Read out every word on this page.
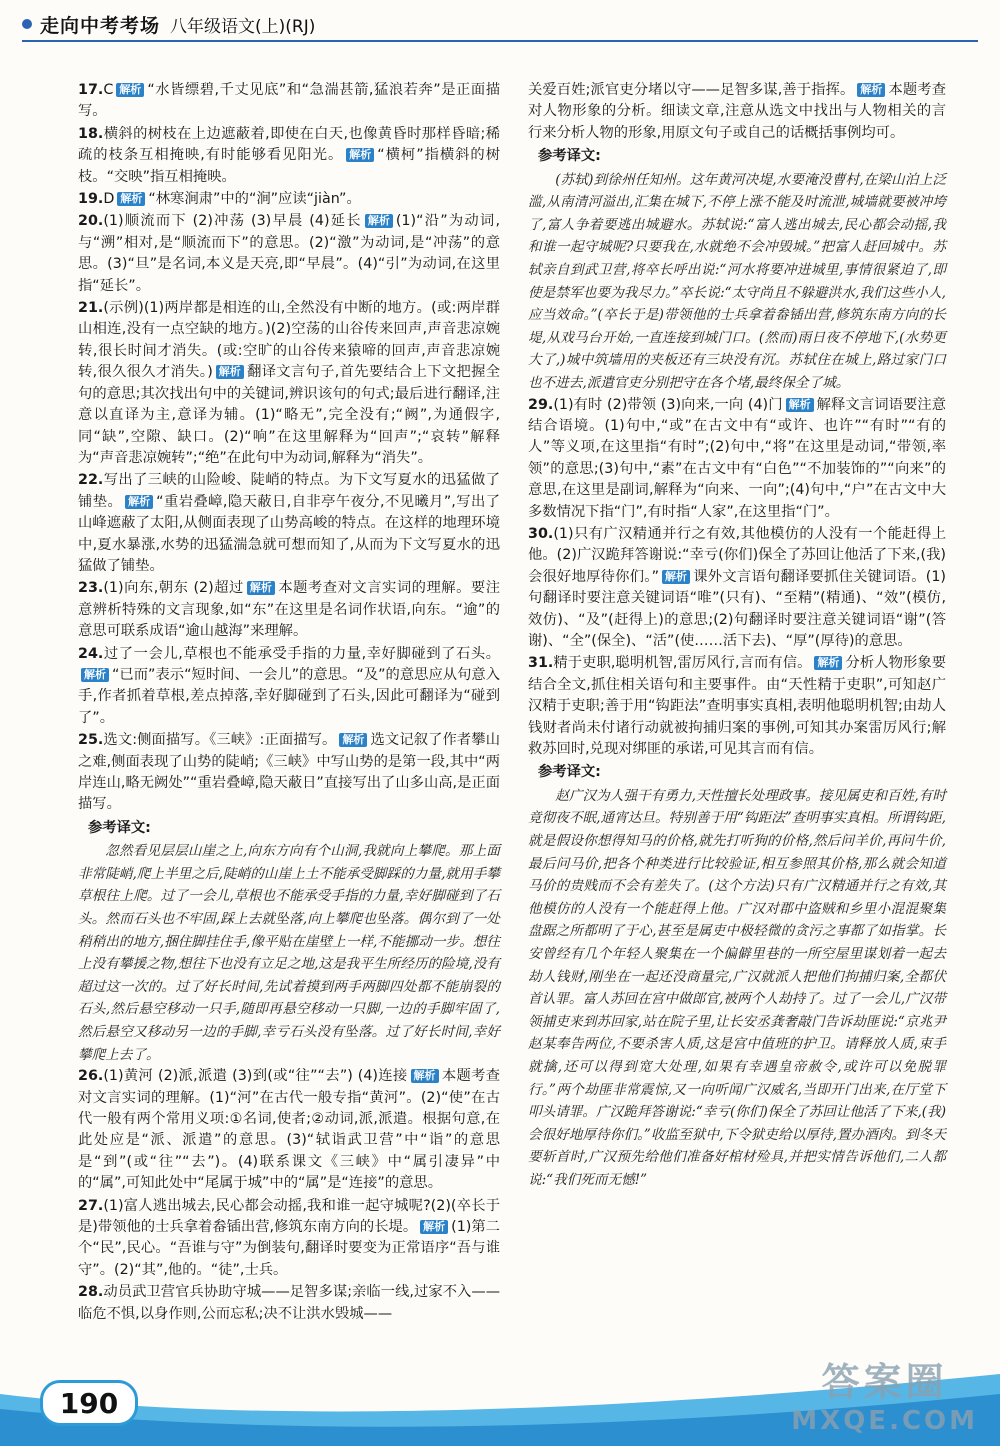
走向中考考场 八年级语文(上)(RJ)
17.C 解析 “水皆缥碧,千丈见底”和“急湍甚箭,猛浪若奔”是正面描写。
18.横斜的树枝在上边遮蔽着,即使在白天,也像黄昏时那样昏暗;稀疏的枝条互相掩映,有时能够看见阳光。 解析 “横柯”指横斜的树枝。“交映”指互相掩映。
19.D 解析 “林寒涧肃”中的“涧”应读“jiàn”。
20.(1)顺流而下 (2)冲荡 (3)早晨 (4)延长 解析 (1)“沿”为动词,与“溯”相对,是“顺流而下”的意思。(2)“激”为动词,是“冲荡”的意思。(3)“旦”是名词,本义是天亮,即“早晨”。(4)“引”为动词,在这里指“延长”。
21.(示例)(1)两岸都是相连的山,全然没有中断的地方。(或:两岸群山相连,没有一点空缺的地方。)(2)空荡的山谷传来回声,声音悲凉婉转,很长时间才消失。(或:空旷的山谷传来猿啼的回声,声音悲凉婉转,很久很久才消失。) 解析 翻译文言句子,首先要结合上下文把握全句的意思;其次找出句中的关键词,辨识该句的句式;最后进行翻译,注意以直译为主,意译为辅。(1)“略无”,完全没有;“阙”,为通假字,同“缺”,空隙、缺口。(2)“响”在这里解释为“回声”;“哀转”解释为“声音悲凉婉转”;“绝”在此句中为动词,解释为“消失”。
22.写出了三峡的山险峻、陡峭的特点。为下文写夏水的迅猛做了铺垫。 解析 “重岩叠嶂,隐天蔽日,自非亭午夜分,不见曦月”,写出了山峰遮蔽了太阳,从侧面表现了山势高峻的特点。在这样的地理环境中,夏水暴涨,水势的迅猛湍急就可想而知了,从而为下文写夏水的迅猛做了铺垫。
23.(1)向东,朝东 (2)超过 解析 本题考查对文言实词的理解。要注意辨析特殊的文言现象,如“东”在这里是名词作状语,向东。“逾”的意思可联系成语“逾山越海”来理解。
24.过了一会儿,草根也不能承受手指的力量,幸好脚碰到了石头。解析 “已而”表示“短时间、一会儿”的意思。“及”的意思应从句意入手,作者抓着草根,差点掉落,幸好脚碰到了石头,因此可翻译为“碰到了”。
25.选文:侧面描写。《三峡》:正面描写。 解析 选文记叙了作者攀山之难,侧面表现了山势的陡峭;《三峡》中写山势的是第一段,其中“两岸连山,略无阙处”“重岩叠嶂,隐天蔽日”直接写出了山多山高,是正面描写。
参考译文:
忽然看见层层山崖之上,向东方向有个山洞,我就向上攀爬。那上面非常陡峭,爬上半里之后,陡峭的山崖上土不能承受脚踩的力量,就用手攀草根往上爬。过了一会儿,草根也不能承受手指的力量,幸好脚碰到了石头。然而石头也不牢固,踩上去就坠落,向上攀爬也坠落。偶尔到了一处稍稍出的地方,捆住脚挂住手,像平贴在崖壁上一样,不能挪动一步。想往上没有攀援之物,想往下也没有立足之地,这是我平生所经历的险境,没有超过这一次的。过了好长时间,先试着摸到两手两脚四处都不能崩裂的石头,然后悬空移动一只手,随即再悬空移动一只脚,一边的手脚牢固了,然后悬空又移动另一边的手脚,幸亏石头没有坠落。过了好长时间,幸好攀爬上去了。
26.(1)黄河 (2)派,派遣 (3)到(或“往”“去”) (4)连接 解析 本题考查对文言实词的理解。(1)“河”在古代一般专指“黄河”。(2)“使”在古代一般有两个常用义项:①名词,使者;②动词,派,派遣。根据句意,在此处应是“派、派遣”的意思。(3)“轼诣武卫营”中“诣”的意思是“到”(或“往”“去”)。(4)联系课文《三峡》中“属引凄异”中的“属”,可知此处中“尾属于城”中的“属”是“连接”的意思。
27.(1)富人逃出城去,民心都会动摇,我和谁一起守城呢?(2)(卒长于是)带领他的士兵拿着畚锸出营,修筑东南方向的长堤。 解析 (1)第二个“民”,民心。“吾谁与守”为倒装句,翻译时要变为正常语序“吾与谁守”。(2)“其”,他的。“徒”,士兵。
28.动员武卫营官兵协助守城——足智多谋;亲临一线,过家不入——临危不惧,以身作则,公而忘私;决不让洪水毁城——
关爱百姓;派官吏分堵以守——足智多谋,善于指挥。 解析 本题考查对人物形象的分析。细读文章,注意从选文中找出与人物相关的言行来分析人物的形象,用原文句子或自己的话概括事例均可。
参考译文:
(苏轼)到徐州任知州。这年黄河决堤,水要淹没曹村,在梁山泊上泛滥,从南清河溢出,汇集在城下,不停上涨不能及时流泄,城墙就要被冲垮了,富人争着要逃出城避水。苏轼说:“富人逃出城去,民心都会动摇,我和谁一起守城呢?只要我在,水就绝不会冲毁城。”把富人赶回城中。苏轼亲自到武卫营,将卒长呼出说:“河水将要冲进城里,事情很紧迫了,即使是禁军也要为我尽力。”卒长说:“太守尚且不躲避洪水,我们这些小人,应当效命。”(卒长于是)带领他的士兵拿着畚锸出营,修筑东南方向的长堤,从戏马台开始,一直连接到城门口。(然而)雨日夜不停地下,(水势更大了,)城中筑墙用的夹板还有三块没有沉。苏轼住在城上,路过家门口也不进去,派遣官吏分别把守在各个堵,最终保全了城。
29.(1)有时 (2)带领 (3)向来,一向 (4)门 解析 解释文言词语要注意结合语境。(1)句中,“或”在古文中有“或许、也许”“有时”“有的人”等义项,在这里指“有时”;(2)句中,“将”在这里是动词,“带领,率领”的意思;(3)句中,“素”在古文中有“白色”“不加装饰的”“向来”的意思,在这里是副词,解释为“向来、一向”;(4)句中,“户”在古文中大多数情况下指“门”,有时指“人家”,在这里指“门”。
30.(1)只有广汉精通并行之有效,其他模仿的人没有一个能赶得上他。(2)广汉跪拜答谢说:“幸亏(你们)保全了苏回让他活了下来,(我)会很好地厚待你们。” 解析 课外文言语句翻译要抓住关键词语。(1)句翻译时要注意关键词语“唯”(只有)、“至精”(精通)、“效”(模仿,效仿)、“及”(赶得上)的意思;(2)句翻译时要注意关键词语“谢”(答谢)、“全”(保全)、“活”(使……活下去)、“厚”(厚待)的意思。
31.精于吏职,聪明机智,雷厉风行,言而有信。 解析 分析人物形象要结合全文,抓住相关语句和主要事件。由“天性精于吏职”,可知赵广汉精于吏职;善于用“钩距法”查明事实真相,表明他聪明机智;由劫人钱财者尚未付诸行动就被拘捕归案的事例,可知其办案雷厉风行;解救苏回时,兑现对绑匪的承诺,可见其言而有信。
参考译文:
赵广汉为人强干有勇力,天性擅长处理政事。接见属吏和百姓,有时竟彻夜不眠,通宵达旦。特别善于用“钩距法”查明事实真相。所谓钩距,就是假设你想得知马的价格,就先打听狗的价格,然后问羊价,再问牛价,最后问马价,把各个种类进行比较验证,相互参照其价格,那么就会知道马价的贵贱而不会有差失了。(这个方法)只有广汉精通并行之有效,其他模仿的人没有一个能赶得上他。广汉对郡中盗贼和乡里小混混聚集盘踞之所都明了于心,甚至是属吏中极轻微的贪污之事都了如指掌。长安曾经有几个年轻人聚集在一个偏僻里巷的一所空屋里谋划着一起去劫人钱财,刚坐在一起还没商量完,广汉就派人把他们拘捕归案,全都伏首认罪。富人苏回在宫中做郎官,被两个人劫持了。过了一会儿,广汉带领捕吏来到苏回家,站在院子里,让长安丞龚奢敲门告诉劫匪说:“京兆尹赵某奉告两位,不要杀害人质,这是宫中值班的护卫。请释放人质,束手就擒,还可以得到宽大处理,如果有幸遇皇帝赦令,或许可以免脱罪行。”两个劫匪非常震惊,又一向听闻广汉威名,当即开门出来,在厅堂下叩头请罪。广汉跪拜答谢说:“幸亏(你们)保全了苏回让他活了下来,(我)会很好地厚待你们。”收监至狱中,下令狱吏给以厚待,置办酒肉。到冬天要斩首时,广汉预先给他们准备好棺材殓具,并把实情告诉他们,二人都说:“我们死而无憾!”
190	答案圈
MXQE.COM
